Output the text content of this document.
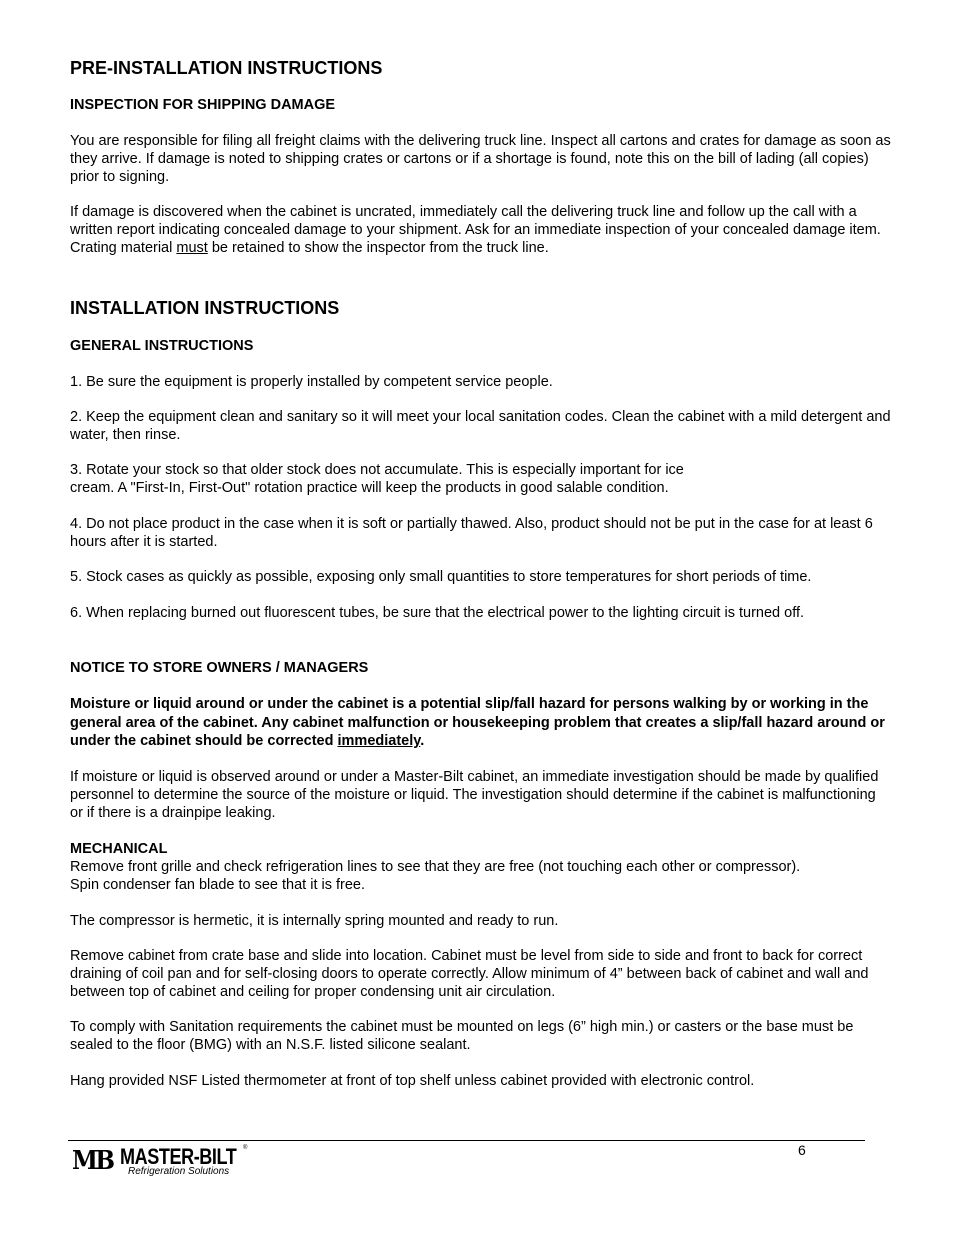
PRE-INSTALLATION INSTRUCTIONS
INSPECTION FOR SHIPPING DAMAGE

You are responsible for filing all freight claims with the delivering truck line. Inspect all cartons and crates for damage as soon as they arrive. If damage is noted to shipping crates or cartons or if a shortage is found, note this on the bill of lading (all copies) prior to signing.

If damage is discovered when the cabinet is uncrated, immediately call the delivering truck line and follow up the call with a written report indicating concealed damage to your shipment. Ask for an immediate inspection of your concealed damage item. Crating material must be retained to show the inspector from the truck line.

INSTALLATION INSTRUCTIONS
GENERAL INSTRUCTIONS

1. Be sure the equipment is properly installed by competent service people.

2. Keep the equipment clean and sanitary so it will meet your local sanitation codes. Clean the cabinet with a mild detergent and water, then rinse.

3. Rotate your stock so that older stock does not accumulate. This is especially important for ice
cream. A "First-In, First-Out" rotation practice will keep the products in good salable condition.

4. Do not place product in the case when it is soft or partially thawed. Also, product should not be put in the case for at least 6 hours after it is started.

5. Stock cases as quickly as possible, exposing only small quantities to store temperatures for short periods of time.

6. When replacing burned out fluorescent tubes, be sure that the electrical power to the lighting circuit is turned off.

NOTICE TO STORE OWNERS / MANAGERS

Moisture or liquid around or under the cabinet is a potential slip/fall hazard for persons walking by or working in the general area of the cabinet. Any cabinet malfunction or housekeeping problem that creates a slip/fall hazard around or under the cabinet should be corrected immediately.

If moisture or liquid is observed around or under a Master-Bilt cabinet, an immediate investigation should be made by qualified personnel to determine the source of the moisture or liquid. The investigation should determine if the cabinet is malfunctioning or if there is a drainpipe leaking.

MECHANICAL

Remove front grille and check refrigeration lines to see that they are free (not touching each other or compressor).
Spin condenser fan blade to see that it is free.

The compressor is hermetic, it is internally spring mounted and ready to run.

Remove cabinet from crate base and slide into location. Cabinet must be level from side to side and front to back for correct draining of coil pan and for self-closing doors to operate correctly. Allow minimum of 4” between back of cabinet and wall and between top of cabinet and ceiling for proper condensing unit air circulation.

To comply with Sanitation requirements the cabinet must be mounted on legs (6” high min.) or casters or the base must be sealed to the floor (BMG) with an N.S.F. listed silicone sealant.

Hang provided NSF Listed thermometer at front of top shelf unless cabinet provided with electronic control.

6
MB MASTER-BILT ®
Refrigeration Solutions
